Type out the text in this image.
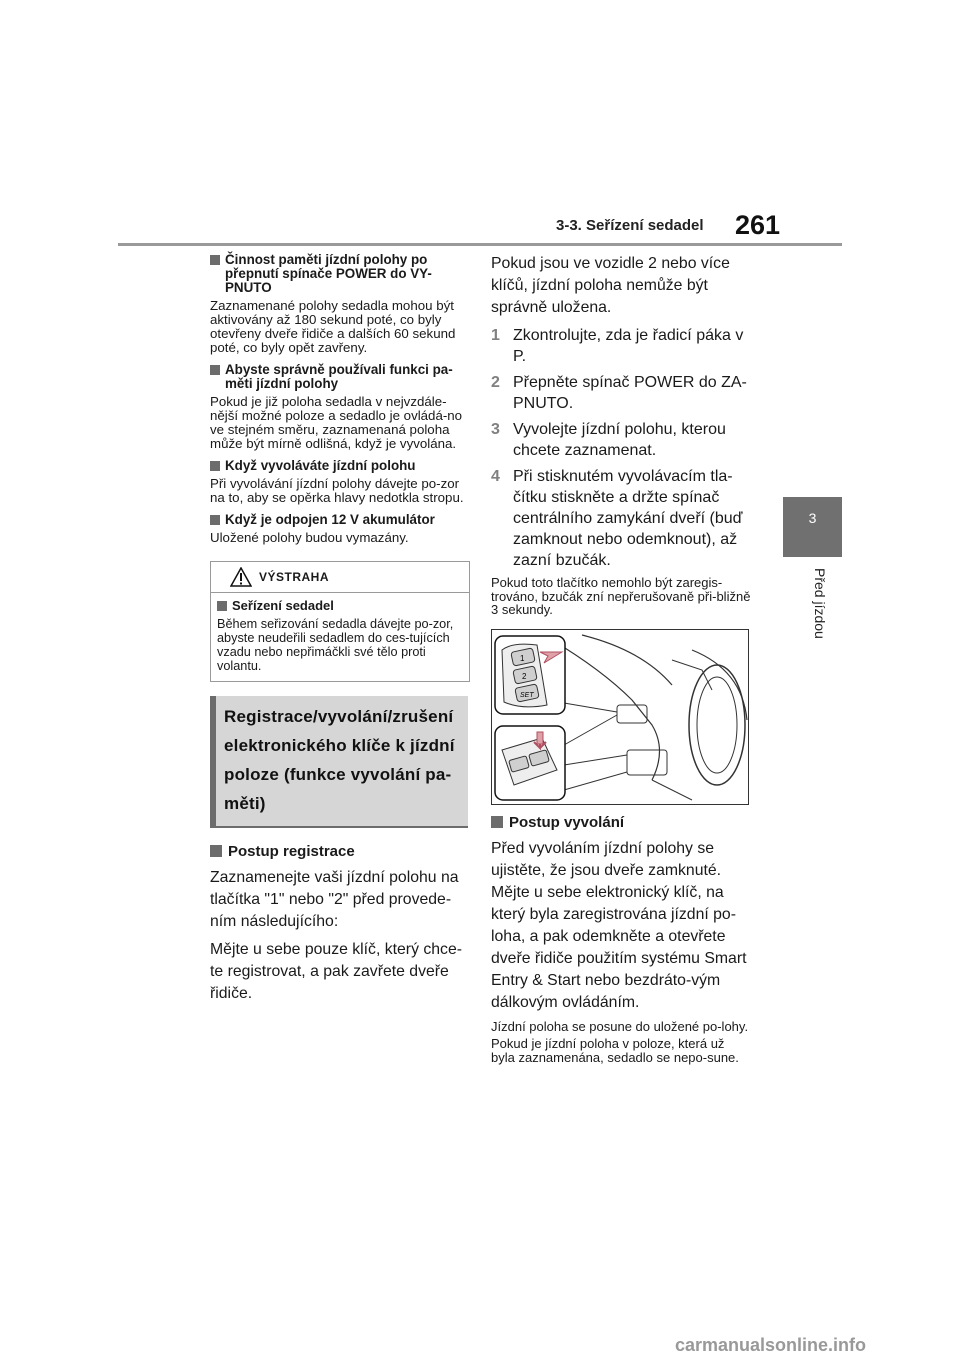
3-3. Seřízení sedadel 261
3
Před jízdou
Činnost paměti jízdní polohy po přepnutí spínače POWER do VY-PNUTO

Zaznamenané polohy sedadla mohou být aktivovány až 180 sekund poté, co byly otevřeny dveře řidiče a dalších 60 sekund poté, co byly opět zavřeny.

Abyste správně používali funkci pa-měti jízdní polohy

Pokud je již poloha sedadla v nejvzdále-nější možné poloze a sedadlo je ovládá-no ve stejném směru, zaznamenaná poloha může být mírně odlišná, když je vyvolána.

Když vyvoláváte jízdní polohu

Při vyvolávání jízdní polohy dávejte po-zor na to, aby se opěrka hlavy nedotkla stropu.

Když je odpojen 12 V akumulátor

Uložené polohy budou vymazány.

VÝSTRAHA
Seřízení sedadel

Během seřizování sedadla dávejte po-zor, abyste neudeřili sedadlem do ces-tujících vzadu nebo nepřimáčkli své tělo proti volantu.

Registrace/vyvolání/zrušení
elektronického klíče k jízdní
poloze (funkce vyvolání pa-
měti)
Postup registrace

Zaznamenejte vaši jízdní polohu na tlačítka "1" nebo "2" před provede-ním následujícího:

Mějte u sebe pouze klíč, který chce-te registrovat, a pak zavřete dveře řidiče.

Pokud jsou ve vozidle 2 nebo více klíčů, jízdní poloha nemůže být správně uložena.

1 Zkontrolujte, zda je řadicí páka v P.
2 Přepněte spínač POWER do ZA-PNUTO.
3 Vyvolejte jízdní polohu, kterou chcete zaznamenat.
4 Při stisknutém vyvolávacím tla-čítku stiskněte a držte spínač centrálního zamykání dveří (buď zamknout nebo odemknout), až zazní bzučák.

Pokud toto tlačítko nemohlo být zaregis-trováno, bzučák zní nepřerušovaně při-bližně 3 sekundy.

1
2
SET
Postup vyvolání

Před vyvoláním jízdní polohy se ujistěte, že jsou dveře zamknuté. Mějte u sebe elektronický klíč, na který byla zaregistrována jízdní po-loha, a pak odemkněte a otevřete dveře řidiče použitím systému Smart Entry & Start nebo bezdráto-vým dálkovým ovládáním.

Jízdní poloha se posune do uložené po-lohy.

Pokud je jízdní poloha v poloze, která už byla zaznamenána, sedadlo se nepo-sune.

carmanualsonline.info
